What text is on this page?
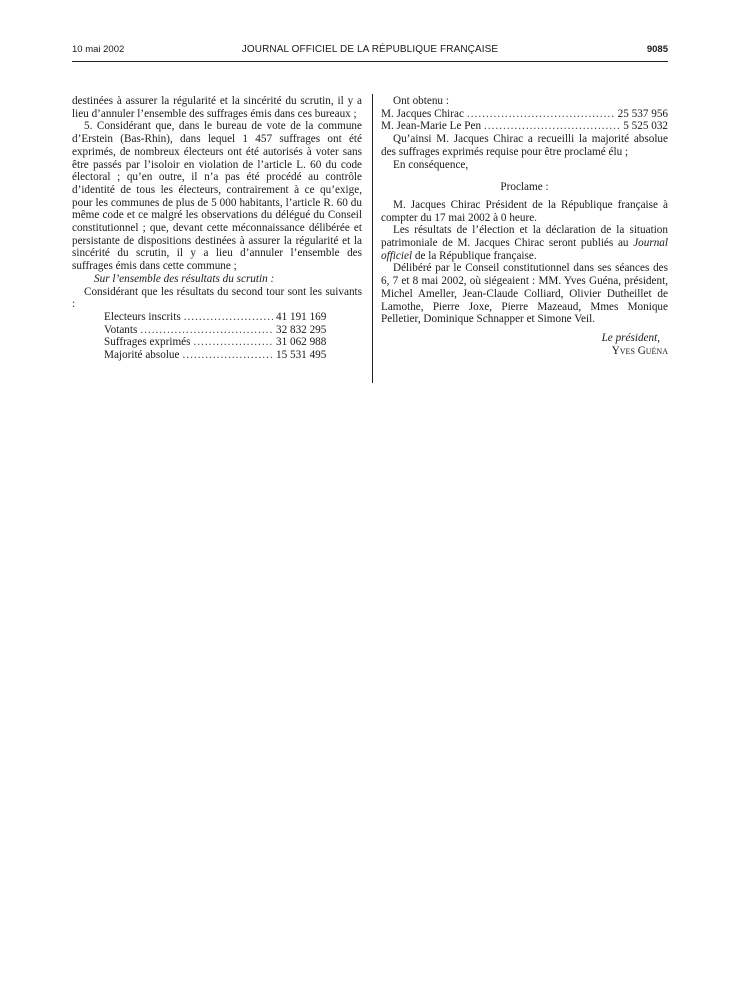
10 mai 2002	JOURNAL OFFICIEL DE LA RÉPUBLIQUE FRANÇAISE	9085

destinées à assurer la régularité et la sincérité du scrutin, il y a lieu d’annuler l’ensemble des suffrages émis dans ces bureaux ;

5. Considérant que, dans le bureau de vote de la commune d’Erstein (Bas-Rhin), dans lequel 1 457 suffrages ont été exprimés, de nombreux électeurs ont été autorisés à voter sans être passés par l’isoloir en violation de l’article L. 60 du code électoral ; qu’en outre, il n’a pas été procédé au contrôle d’identité de tous les électeurs, contrairement à ce qu’exige, pour les communes de plus de 5 000 habitants, l’article R. 60 du même code et ce malgré les observations du délégué du Conseil constitutionnel ; que, devant cette méconnaissance délibérée et persistante de dispositions destinées à assurer la régularité et la sincérité du scrutin, il y a lieu d’annuler l’ensemble des suffrages émis dans cette commune ;

Sur l’ensemble des résultats du scrutin :

Considérant que les résultats du second tour sont les suivants :

Electeurs inscrits .....	41 191 169
Votants .....	32 832 295
Suffrages exprimés .....	31 062 988
Majorité absolue .....	15 531 495

Ont obtenu :

M. Jacques Chirac .....	25 537 956
M. Jean-Marie Le Pen .....	5 525 032

Qu’ainsi M. Jacques Chirac a recueilli la majorité absolue des suffrages exprimés requise pour être proclamé élu ;

En conséquence,

Proclame :

M. Jacques Chirac Président de la République française à compter du 17 mai 2002 à 0 heure.

Les résultats de l’élection et la déclaration de la situation patrimoniale de M. Jacques Chirac seront publiés au Journal officiel de la République française.

Délibéré par le Conseil constitutionnel dans ses séances des 6, 7 et 8 mai 2002, où siégeaient : MM. Yves Guéna, président, Michel Ameller, Jean-Claude Colliard, Olivier Dutheillet de Lamothe, Pierre Joxe, Pierre Mazeaud, Mmes Monique Pelletier, Dominique Schnapper et Simone Veil.

Le président,

Yves Guéna
